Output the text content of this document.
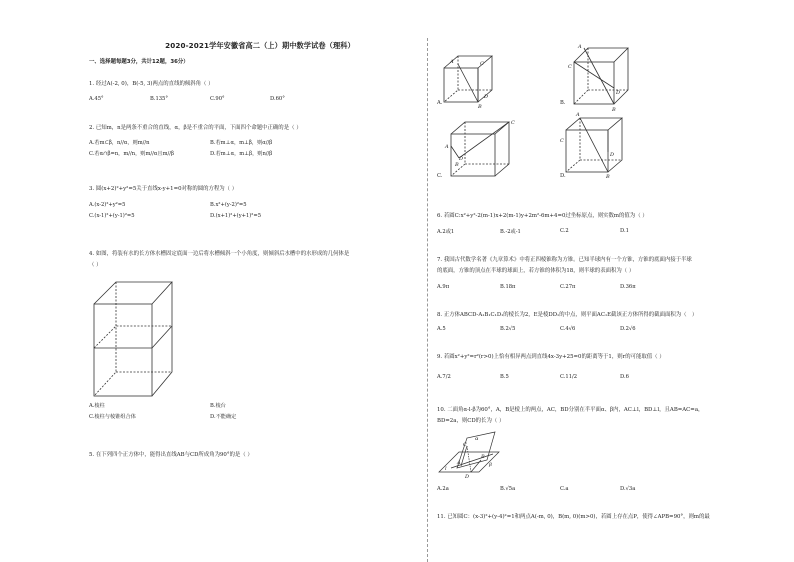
2020-2021学年安徽省高二（上）期中数学试卷（理科）
一、选择题每题3分，共计12题，36分）
1. 经过A(-2, 0)，B(-5, 3)两点的直线的倾斜角（ ）
A.45°	B.135°	C.90°	D.60°
2. 已知m，n是两条不重合的直线，α，β是不重合的平面，下面四个命题中正确的是（ ）
A.若m⊂β，n//α，则m//n	B.若m⊥α，m⊥β，则α//β
C.若α∩β=n，m//n，则m//α且m//β	D.若m⊥α，m⊥β，则n//β
3. 圆(x+2)²+y²=5关于直线x-y+1=0对称的圆的方程为（ ）
A.(x-2)²+y²=5	B.x²+(y-2)²=5
C.(x-1)²+(y-1)²=5	D.(x+1)²+(y+1)²=5
4. 如图，将装有水的长方体水槽固定底面一边后将水槽倾斜一个小角度，则倾斜后水槽中的水形成的几何体是
（ ）
A.棱柱	B.棱台
C.棱柱与棱锥组合体	D.不能确定
5. 在下列四个正方体中，能得出直线AB与CD所成角为90°的是（ ）
A
B
C
D
A.
A
C
D
B
B.
A
B
C
D
C.
A
C
D
B
D.
6. 若圆C:x²+y²-2(m-1)x+2(m-1)y+2m²-6m+4=0过坐标原点，则实数m的值为（ ）
A.2或1	B.-2或-1	C.2	D.1
7. 我国古代数学名著《九章算术》中将正四棱锥称为方锥。已知半球内有一个方锥，方锥的底面内接于半球
的底面，方锥的顶点在半球的球面上，若方锥的体积为18，则半球的表面积为（ ）
A.9π	B.18π	C.27π	D.36π
8. 正方体ABCD-A₁B₁C₁D₁的棱长为2，E是棱DD₁的中点，则平面AC₁E截该正方体所得的截面面积为（　）
A.5	B.2√5	C.4√6	D.2√6
9. 若圆x²+y²=r²(r>0)上恰有相异两点到直线4x-3y+25=0的距离等于1，则r的可能取值（ ）
A.7/2	B.5	C.11/2	D.6
10. 二面角α-l-β为60°，A，B是棱上的两点，AC，BD分别在半平面α、β内，AC⊥l，BD⊥l，且AB=AC=a，
BD=2a，则CD的长为（ ）
α
β
l
C
A
B
D
A.2a	B.√5a	C.a	D.√3a
11. 已知圆C：(x-3)²+(y-4)²=1和两点A(-m, 0)，B(m, 0)(m>0)，若圆上存在点P，使得∠APB=90°，则m的最
